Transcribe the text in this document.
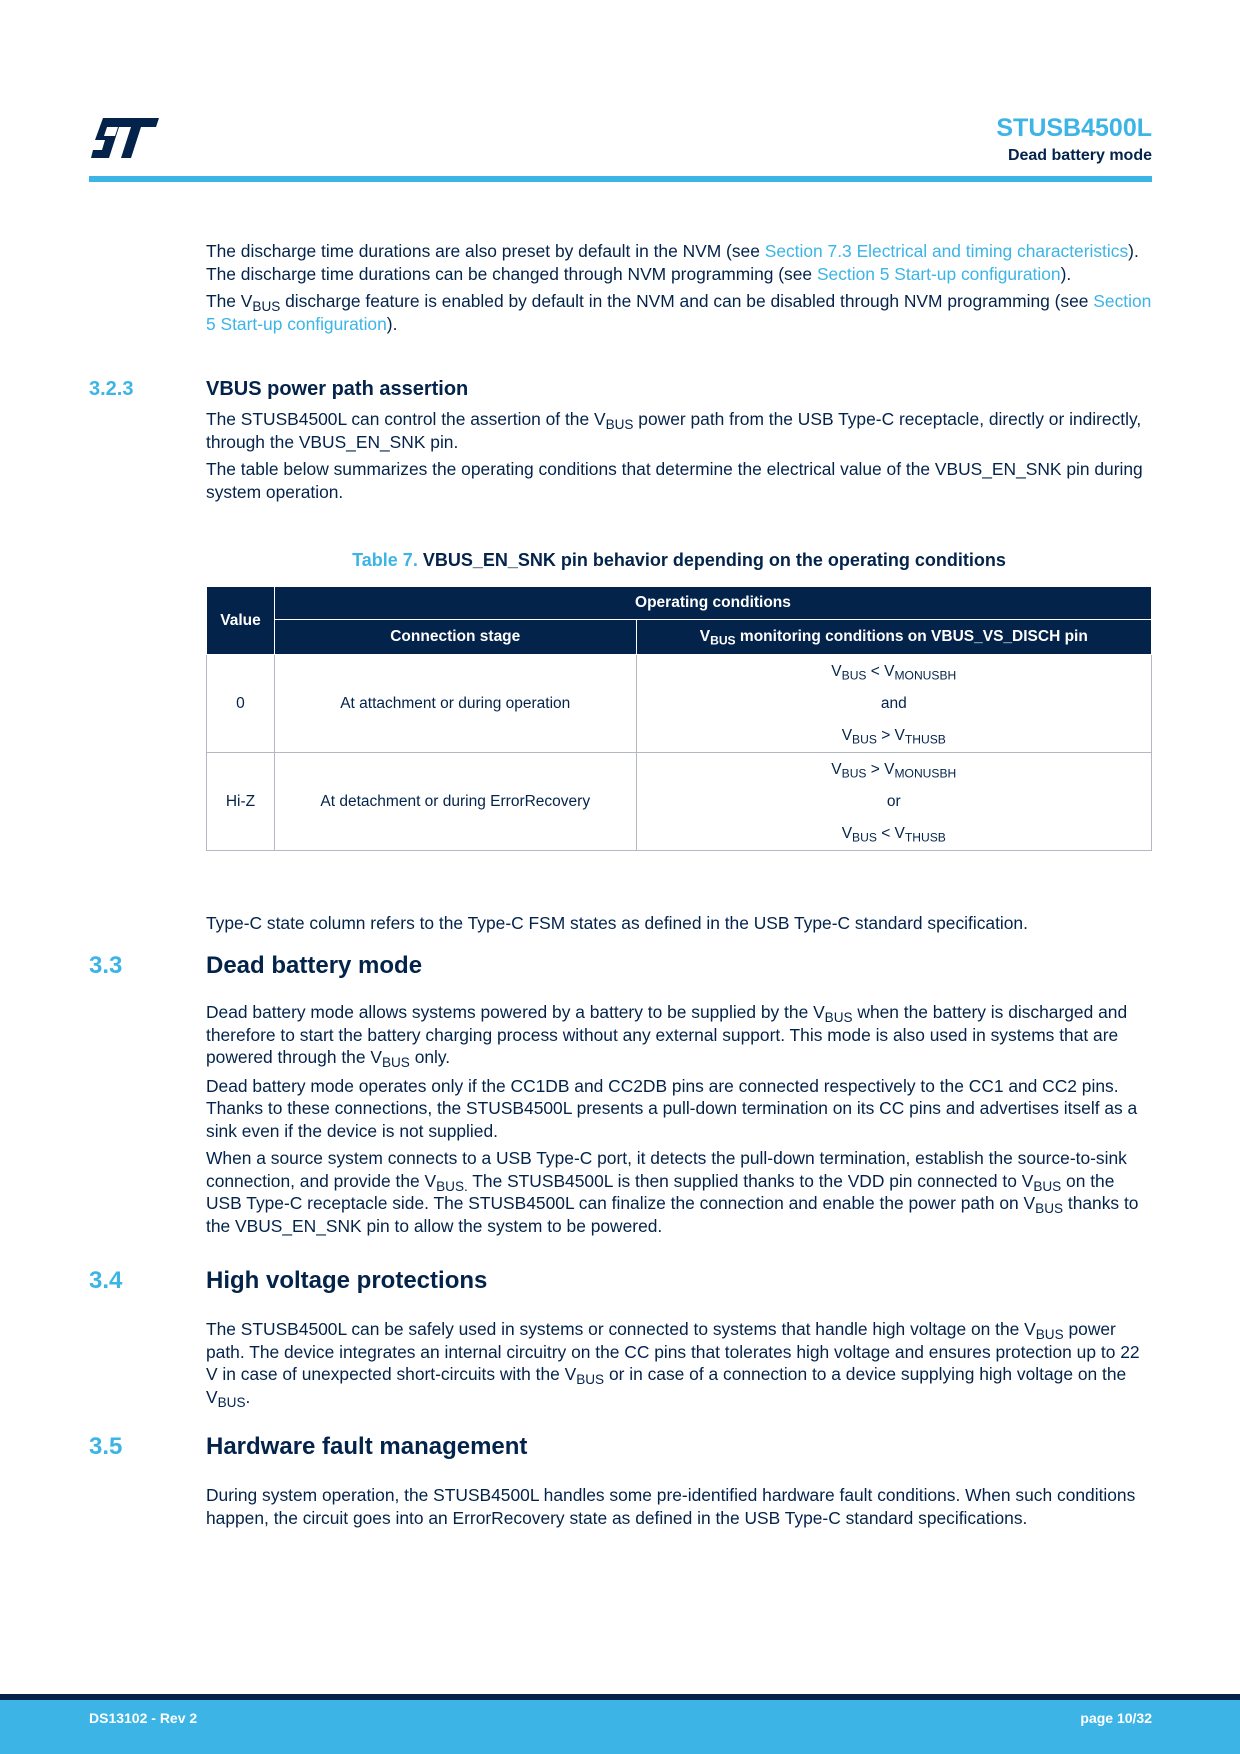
STUSB4500L
Dead battery mode

The discharge time durations are also preset by default in the NVM (see Section 7.3 Electrical and timing characteristics). The discharge time durations can be changed through NVM programming (see Section 5 Start-up configuration).

The $V_{BUS}$ discharge feature is enabled by default in the NVM and can be disabled through NVM programming (see Section 5 Start-up configuration).

3.2.3	VBUS power path assertion

The STUSB4500L can control the assertion of the $V_{BUS}$ power path from the USB Type-C receptacle, directly or indirectly, through the VBUS_EN_SNK pin.

The table below summarizes the operating conditions that determine the electrical value of the VBUS_EN_SNK pin during system operation.

Table 7. VBUS_EN_SNK pin behavior depending on the operating conditions
Value	Operating conditions	
	Connection stage	$V_{BUS}$ monitoring conditions on VBUS_VS_DISCH pin
0	At attachment or during operation	$V_{BUS} < V_{MONUSBH}$
and
$V_{BUS} > V_{THUSB}$

Hi-Z	At detachment or during ErrorRecovery	$V_{BUS} > V_{MONUSBH}$
or
$V_{BUS} < V_{THUSB}$
Type-C state column refers to the Type-C FSM states as defined in the USB Type-C standard specification.
3.3	Dead battery mode

Dead battery mode allows systems powered by a battery to be supplied by the $V_{BUS}$ when the battery is discharged and therefore to start the battery charging process without any external support. This mode is also used in systems that are powered through the $V_{BUS}$ only.

Dead battery mode operates only if the CC1DB and CC2DB pins are connected respectively to the CC1 and CC2 pins. Thanks to these connections, the STUSB4500L presents a pull-down termination on its CC pins and advertises itself as a sink even if the device is not supplied.

When a source system connects to a USB Type-C port, it detects the pull-down termination, establish the source-to-sink connection, and provide the $V_{BUS.}$ The STUSB4500L is then supplied thanks to the VDD pin connected to $V_{BUS}$ on the USB Type-C receptacle side. The STUSB4500L can finalize the connection and enable the power path on $V_{BUS}$ thanks to the VBUS_EN_SNK pin to allow the system to be powered.

3.4	High voltage protections

The STUSB4500L can be safely used in systems or connected to systems that handle high voltage on the $V_{BUS}$ power path. The device integrates an internal circuitry on the CC pins that tolerates high voltage and ensures protection up to 22 V in case of unexpected short-circuits with the $V_{BUS}$ or in case of a connection to a device supplying high voltage on the $V_{BUS}$.

3.5	Hardware fault management
During system operation, the STUSB4500L handles some pre-identified hardware fault conditions. When such conditions happen, the circuit goes into an ErrorRecovery state as defined in the USB Type-C standard specifications.
DS13102 - Rev 2	page 10/32
